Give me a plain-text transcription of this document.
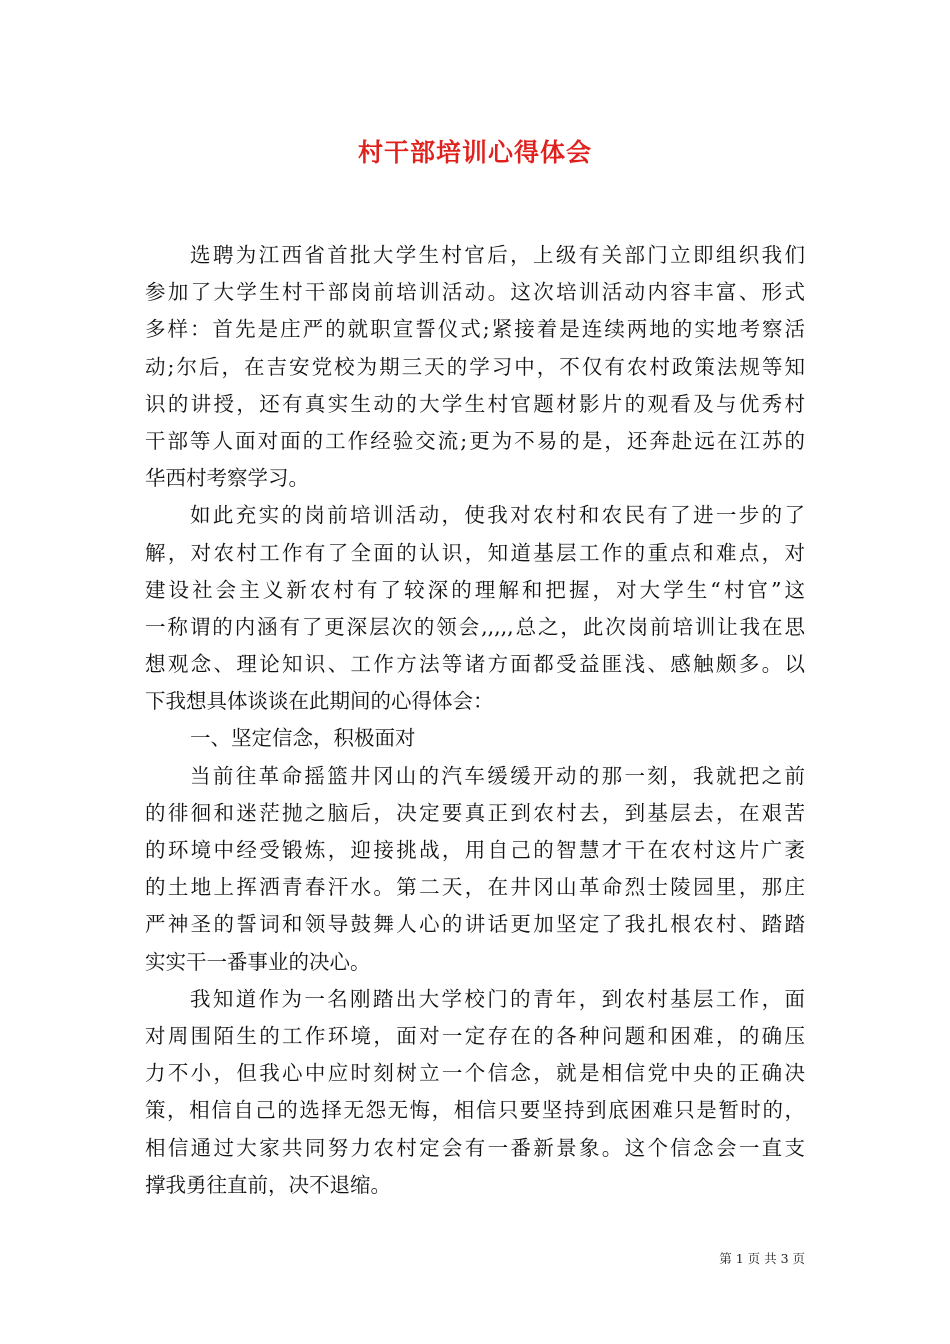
村干部培训心得体会
选聘为江西省首批大学生村官后，上级有关部门立即组织我们
参加了大学生村干部岗前培训活动。这次培训活动内容丰富、形式
多样：首先是庄严的就职宣誓仪式;紧接着是连续两地的实地考察活
动;尔后，在吉安党校为期三天的学习中，不仅有农村政策法规等知
识的讲授，还有真实生动的大学生村官题材影片的观看及与优秀村
干部等人面对面的工作经验交流;更为不易的是，还奔赴远在江苏的
华西村考察学习。
如此充实的岗前培训活动，使我对农村和农民有了进一步的了
解，对农村工作有了全面的认识，知道基层工作的重点和难点，对
建设社会主义新农村有了较深的理解和把握，对大学生“村官”这
一称谓的内涵有了更深层次的领会,,,,,总之，此次岗前培训让我在思
想观念、理论知识、工作方法等诸方面都受益匪浅、感触颇多。以
下我想具体谈谈在此期间的心得体会：
一、坚定信念，积极面对
当前往革命摇篮井冈山的汽车缓缓开动的那一刻，我就把之前
的徘徊和迷茫抛之脑后，决定要真正到农村去，到基层去，在艰苦
的环境中经受锻炼，迎接挑战，用自己的智慧才干在农村这片广袤
的土地上挥洒青春汗水。第二天，在井冈山革命烈士陵园里，那庄
严神圣的誓词和领导鼓舞人心的讲话更加坚定了我扎根农村、踏踏
实实干一番事业的决心。
我知道作为一名刚踏出大学校门的青年，到农村基层工作，面
对周围陌生的工作环境，面对一定存在的各种问题和困难，的确压
力不小，但我心中应时刻树立一个信念，就是相信党中央的正确决
策，相信自己的选择无怨无悔，相信只要坚持到底困难只是暂时的，
相信通过大家共同努力农村定会有一番新景象。这个信念会一直支
撑我勇往直前，决不退缩。
第 1 页 共 3 页
